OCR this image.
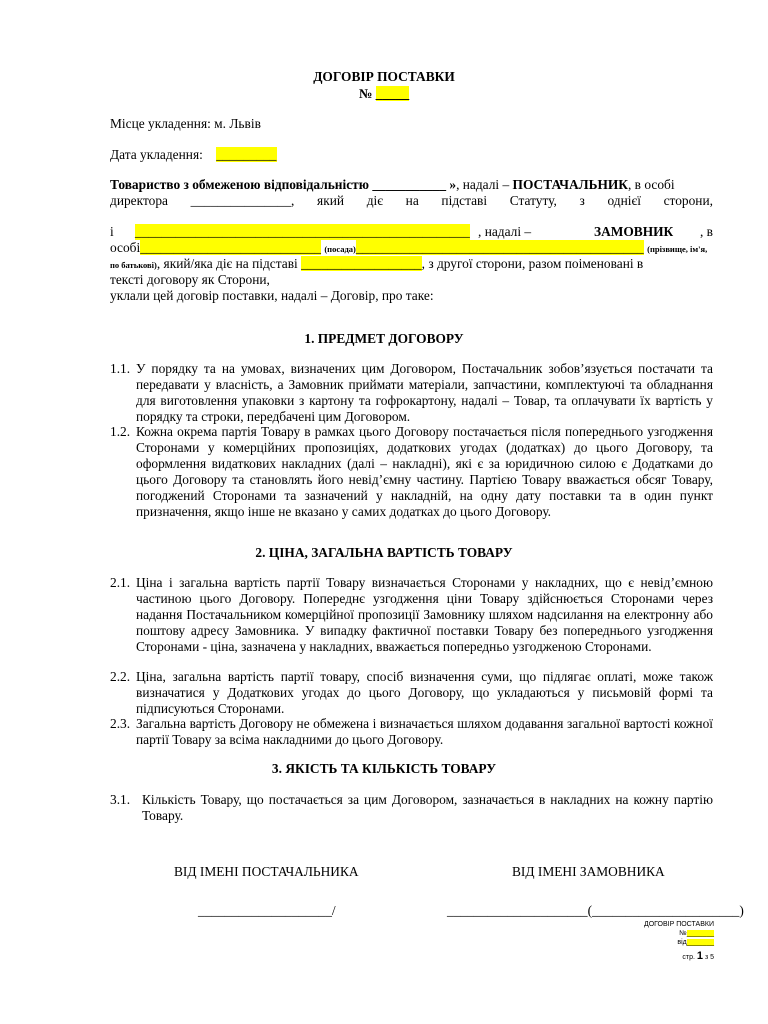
ДОГОВІР ПОСТАВКИ
№ _____
Місце укладення: м. Львів
Дата укладення: _________
Товариство з обмеженою відповідальністю ___________ », надалі – ПОСТАЧАЛЬНИК, в особі
директора _______________, який діє на підставі Статуту, з однієї сторони,
і __________________________________________________ , надалі –	ЗАМОВНИК	, в
особі___________________________ (посада)___________________________________________ (прізвище, ім'я,
по батькові), який/яка діє на підставі __________________, з другої сторони, разом поіменовані в
тексті договору як Сторони,
уклали цей договір поставки, надалі – Договір, про таке:
1. ПРЕДМЕТ ДОГОВОРУ
1.1. У порядку та на умовах, визначених цим Договором, Постачальник зобов’язується постачати та передавати у власність, а Замовник приймати матеріали, запчастини, комплектуючі та обладнання для виготовлення упаковки з картону та гофрокартону, надалі – Товар, та оплачувати їх вартість у порядку та строки, передбачені цим Договором.
1.2. Кожна окрема партія Товару в рамках цього Договору постачається після попереднього узгодження Сторонами у комерційних пропозиціях, додаткових угодах (додатках) до цього Договору, та оформлення видаткових накладних (далі – накладні), які є за юридичною силою є Додатками до цього Договору та становлять його невід’ємну частину. Партією Товару вважається обсяг Товару, погоджений Сторонами та зазначений у накладній, на одну дату поставки та в один пункт призначення, якщо інше не вказано у самих додатках до цього Договору.
2. ЦІНА, ЗАГАЛЬНА ВАРТІСТЬ ТОВАРУ
2.1. Ціна і загальна вартість партії Товару визначається Сторонами у накладних, що є невід’ємною частиною цього Договору. Попереднє узгодження ціни Товару здійснюється Сторонами через надання Постачальником комерційної пропозиції Замовнику шляхом надсилання на електронну або поштову адресу Замовника. У випадку фактичної поставки Товару без попереднього узгодження Сторонами - ціна, зазначена у накладних, вважається попередньо узгодженою Сторонами.
2.2. Ціна, загальна вартість партії товару, спосіб визначення суми, що підлягає оплаті, може також визначатися у Додаткових угодах до цього Договору, що укладаються у письмовій формі та підписуються Сторонами.
2.3. Загальна вартість Договору не обмежена і визначається шляхом додавання загальної вартості кожної партії Товару за всіма накладними до цього Договору.
3. ЯКІСТЬ ТА КІЛЬКІСТЬ ТОВАРУ
3.1. Кількість Товару, що постачається за цим Договором, зазначається в накладних на кожну партію Товару.
ВІД ІМЕНІ ПОСТАЧАЛЬНИКА	ВІД ІМЕНІ ЗАМОВНИКА
____________________/	_____________________(______________________)
ДОГОВІР ПОСТАВКИ
№_______
від_______
стр. 1 з 5
